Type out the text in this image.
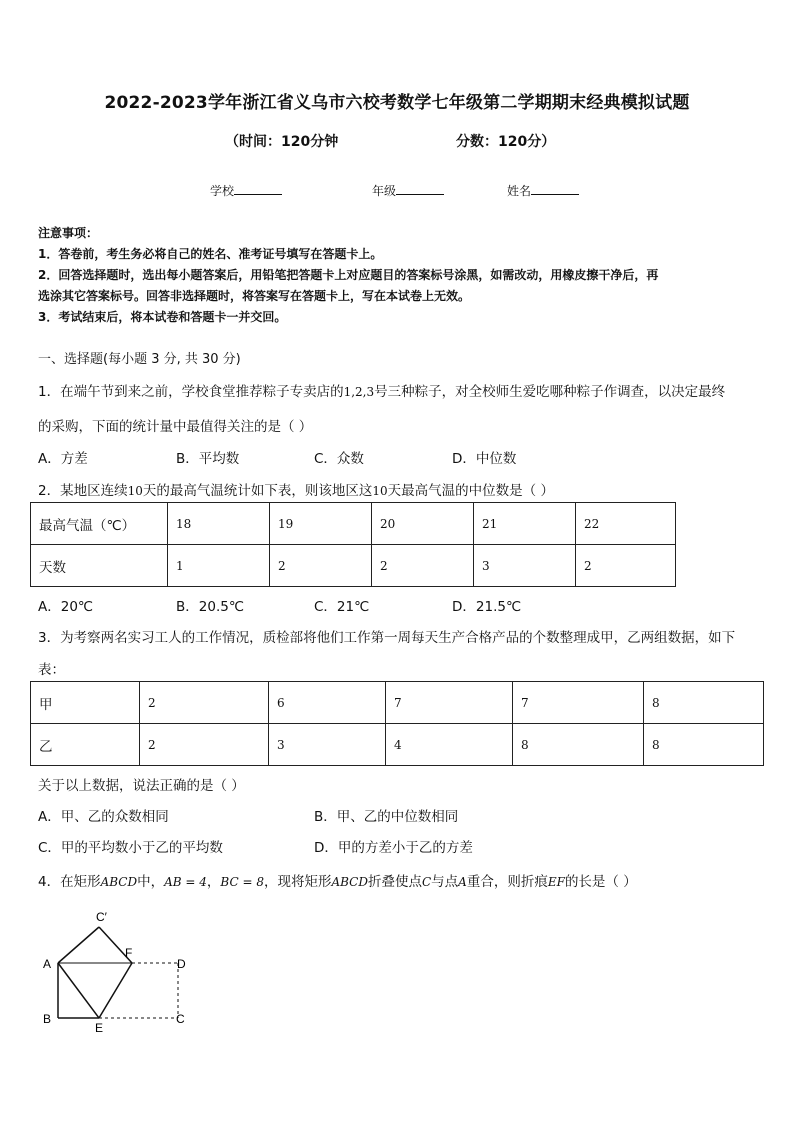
2022-2023学年浙江省义乌市六校考数学七年级第二学期期末经典模拟试题
（时间：120分钟	分数：120分）
学校	年级	姓名
注意事项：
1．答卷前，考生务必将自己的姓名、准考证号填写在答题卡上。
2．回答选择题时，选出每小题答案后，用铅笔把答题卡上对应题目的答案标号涂黑，如需改动，用橡皮擦干净后，再
选涂其它答案标号。回答非选择题时，将答案写在答题卡上，写在本试卷上无效。
3．考试结束后，将本试卷和答题卡一并交回。
一、选择题(每小题 3 分, 共 30 分)
1．在端午节到来之前，学校食堂推荐粽子专卖店的1,2,3号三种粽子，对全校师生爱吃哪种粽子作调查，以决定最终
的采购，下面的统计量中最值得关注的是（ ）
A．方差	B．平均数	C．众数	D．中位数
2．某地区连续10天的最高气温统计如下表，则该地区这10天最高气温的中位数是（ ）
最高气温（℃）	18	19	20	21	22
天数	1	2	2	3	2
A．20℃	B．20.5℃	C．21℃	D．21.5℃
3．为考察两名实习工人的工作情况，质检部将他们工作第一周每天生产合格产品的个数整理成甲，乙两组数据，如下
表：
甲	2	6	7	7	8
乙	2	3	4	8	8
关于以上数据，说法正确的是（ ）
A．甲、乙的众数相同	B．甲、乙的中位数相同
C．甲的平均数小于乙的平均数	D．甲的方差小于乙的方差
4．在矩形ABCD中，AB = 4，BC = 8，现将矩形ABCD折叠使点C与点A重合，则折痕EF的长是（ ）
C′
A
F
D
B
E
C
